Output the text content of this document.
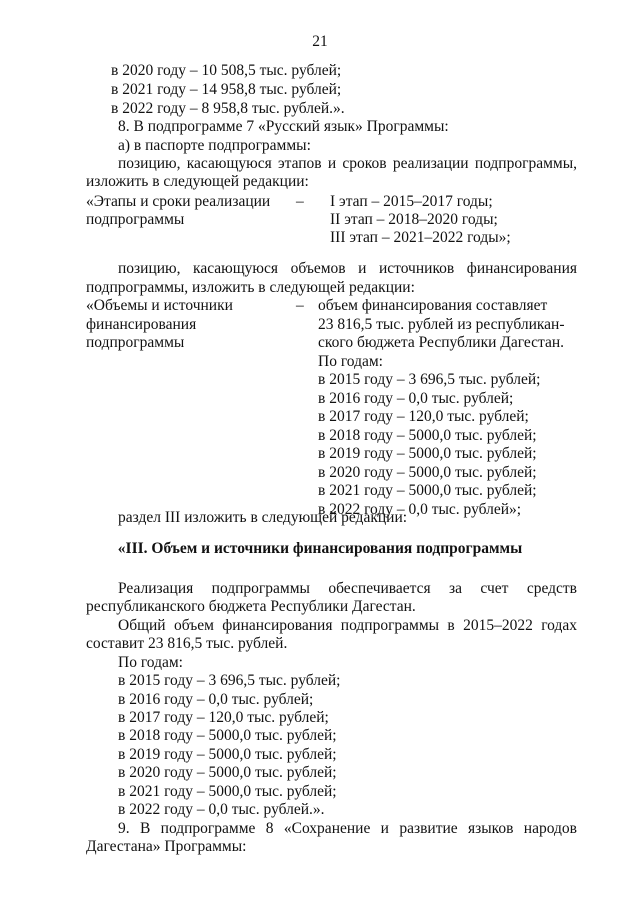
21
в 2020 году – 10 508,5 тыс. рублей;
в 2021 году – 14 958,8 тыс. рублей;
в 2022 году – 8 958,8 тыс. рублей.».
8. В подпрограмме 7 «Русский язык» Программы:
а) в паспорте подпрограммы:
позицию, касающуюся этапов и сроков реализации подпрограммы,
изложить в следующей редакции:
«Этапы и сроки реализации
подпрограммы
– I этап – 2015–2017 годы;
II этап – 2018–2020 годы;
III этап – 2021–2022 годы»;
позицию, касающуюся объемов и источников финансирования
подпрограммы, изложить в следующей редакции:
«Объемы и источники
финансирования
подпрограммы
– объем финансирования составляет
23 816,5 тыс. рублей из республикан-
ского бюджета Республики Дагестан.
По годам:
в 2015 году – 3 696,5 тыс. рублей;
в 2016 году – 0,0 тыс. рублей;
в 2017 году – 120,0 тыс. рублей;
в 2018 году – 5000,0 тыс. рублей;
в 2019 году – 5000,0 тыс. рублей;
в 2020 году – 5000,0 тыс. рублей;
в 2021 году – 5000,0 тыс. рублей;
в 2022 году – 0,0 тыс. рублей»;
раздел III изложить в следующей редакции:
«III. Объем и источники финансирования подпрограммы
Реализация подпрограммы обеспечивается за счет средств
республиканского бюджета Республики Дагестан.
Общий объем финансирования подпрограммы в 2015–2022 годах
составит 23 816,5 тыс. рублей.
По годам:
в 2015 году – 3 696,5 тыс. рублей;
в 2016 году – 0,0 тыс. рублей;
в 2017 году – 120,0 тыс. рублей;
в 2018 году – 5000,0 тыс. рублей;
в 2019 году – 5000,0 тыс. рублей;
в 2020 году – 5000,0 тыс. рублей;
в 2021 году – 5000,0 тыс. рублей;
в 2022 году – 0,0 тыс. рублей.».
9. В подпрограмме 8 «Сохранение и развитие языков народов
Дагестана» Программы:
